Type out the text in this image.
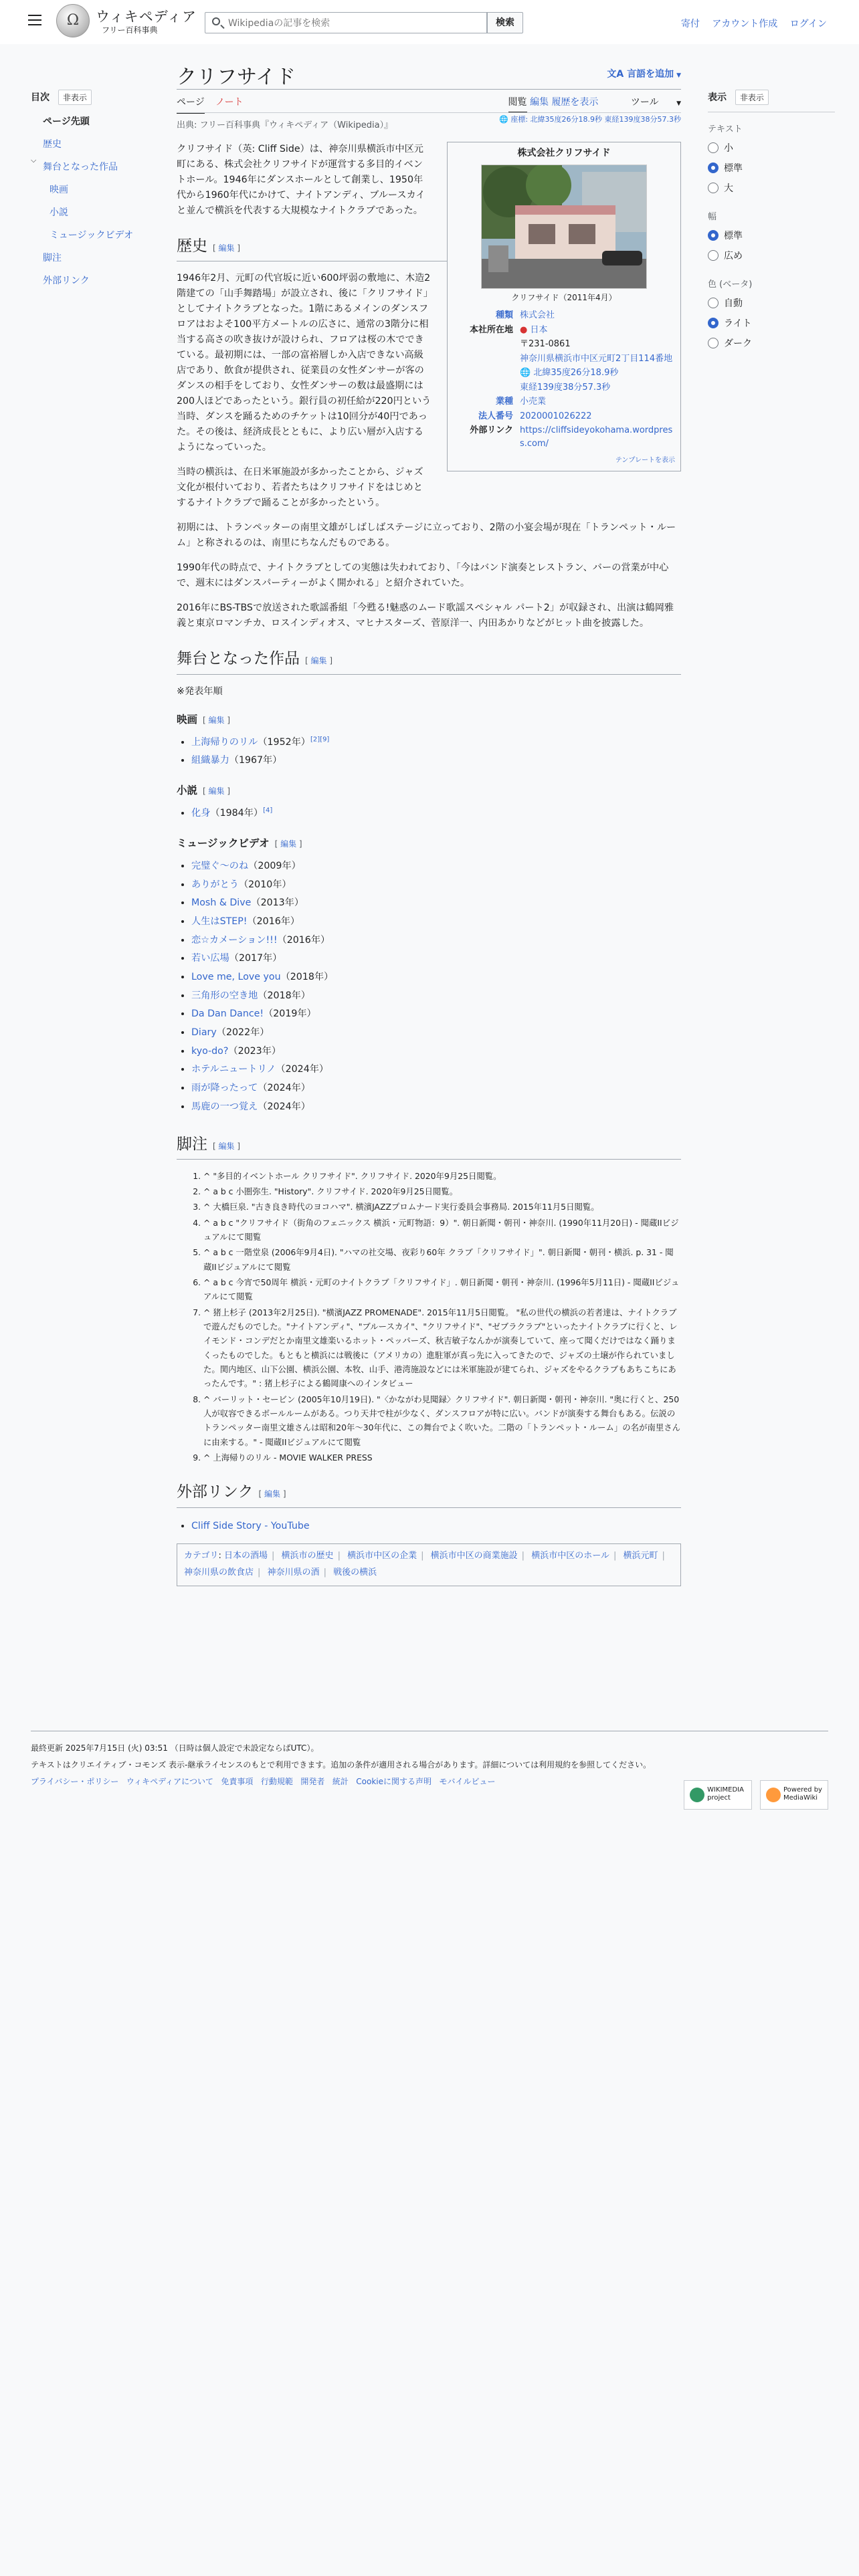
Ω	ウィキペディア
フリー百科事典
Wikipediaの記事を検索
検索	寄付 アカウント作成 ログイン
目次 非表示
ページ先頭
歴史
⌵
舞台となった作品
映画
小説
ミュージックビデオ
脚注
外部リンク
クリフサイド	文A 言語を追加 ▼
ページ ノート	閲覧 編集 履歴を表示	ツール	▼
🌐 座標: 北緯35度26分18.9秒 東経139度38分57.3秒
出典: フリー百科事典『ウィキペディア（Wikipedia）』
株式会社クリフサイド
クリフサイド（2011年4月）
種類 株式会社
本社所在地 ● 日本
〒231-0861
神奈川県横浜市中区元町2丁目114番地
🌐 北緯35度26分18.9秒
東経139度38分57.3秒
業種 小売業
法人番号 2020001026222
外部リンク https://cliffsideyokohama.wordpress.com/
テンプレートを表示

クリフサイド（英: Cliff Side）は、神奈川県横浜市中区元町にある、株式会社クリフサイドが運営する多目的イベントホール。1946年にダンスホールとして創業し、1950年代から1960年代にかけて、ナイトアンディ、ブルースカイと並んで横浜を代表する大規模なナイトクラブであった。

歴史 [ 編集 ]

1946年2月、元町の代官坂に近い600坪弱の敷地に、木造2階建ての「山手舞踏場」が設立され、後に「クリフサイド」としてナイトクラブとなった。1階にあるメインのダンスフロアはおよそ100平方メートルの広さに、通常の3階分に相当する高さの吹き抜けが設けられ、フロアは桜の木でできている。最初期には、一部の富裕層しか入店できない高級店であり、飲食が提供され、従業員の女性ダンサーが客のダンスの相手をしており、女性ダンサーの数は最盛期には200人ほどであったという。銀行員の初任給が220円という当時、ダンスを踊るためのチケットは10回分が40円であった。その後は、経済成長とともに、より広い層が入店するようになっていった。

当時の横浜は、在日米軍施設が多かったことから、ジャズ文化が根付いており、若者たちはクリフサイドをはじめとするナイトクラブで踊ることが多かったという。

初期には、トランペッターの南里文雄がしばしばステージに立っており、2階の小宴会場が現在「トランペット・ルーム」と称されるのは、南里にちなんだものである。

1990年代の時点で、ナイトクラブとしての実態は失われており、「今はバンド演奏とレストラン、バーの営業が中心で、週末にはダンスパーティーがよく開かれる」と紹介されていた。

2016年にBS-TBSで放送された歌謡番組「今甦る!魅惑のムード歌謡スペシャル パート2」が収録され、出演は鶴岡雅義と東京ロマンチカ、ロスインディオス、マヒナスターズ、菅原洋一、内田あかりなどがヒット曲を披露した。

舞台となった作品 [ 編集 ]

※発表年順

映画 [ 編集 ]
• 上海帰りのリル（1952年）[2][9]
• 組織暴力（1967年）
小説 [ 編集 ]
• 化身（1984年）[4]
ミュージックビデオ [ 編集 ]
• 完璧ぐ〜のね（2009年）
• ありがとう（2010年）
• Mosh & Dive（2013年）
• 人生はSTEP!（2016年）
• 恋☆カメーション!!!（2016年）
• 若い広場（2017年）
• Love me, Love you（2018年）
• 三角形の空き地（2018年）
• Da Dan Dance!（2019年）
• Diary（2022年）
• kyo-do?（2023年）
• ホテルニュートリノ（2024年）
• 雨が降ったって（2024年）
• 馬鹿の一つ覚え（2024年）
脚注 [ 編集 ]
1. ^ "多目的イベントホール クリフサイド". クリフサイド. 2020年9月25日閲覧。
2. ^ a b c 小圏弥生. "History". クリフサイド. 2020年9月25日閲覧。
3. ^ 大橋巨泉. "古き良き時代のヨコハマ". 横濱JAZZプロムナード実行委員会事務局. 2015年11月5日閲覧。
4. ^ a b c "クリフサイド（街角のフェニックス 横浜・元町物語：9）". 朝日新聞・朝刊・神奈川. (1990年11月20日) - 聞蔵IIビジュアルにて閲覧
5. ^ a b c 一階堂泉 (2006年9月4日). "ハマの社交場、夜彩り60年 クラブ「クリフサイド」". 朝日新聞・朝刊・横浜. p. 31 - 聞蔵IIビジュアルにて閲覧
6. ^ a b c 今宵で50周年 横浜・元町のナイトクラブ「クリフサイド」. 朝日新聞・朝刊・神奈川. (1996年5月11日) - 聞蔵IIビジュアルにて閲覧
7. ^ 猪上杉子 (2013年2月25日). "横濱JAZZ PROMENADE". 2015年11月5日閲覧。 "私の世代の横浜の若者達は、ナイトクラブで遊んだものでした。"ナイトアンディ"、"ブルースカイ"、"クリフサイド"、"ゼブラクラブ"といったナイトクラブに行くと、レイモンド・コンデだとか南里文雄楽いるホット・ペッパーズ、秋吉敏子なんかが演奏していて、座って聞くだけではなく踊りまくったものでした。もともと横浜には戦後に（アメリカの）進駐軍が真っ先に入ってきたので、ジャズの土壌が作られていました。関内地区、山下公園、横浜公園、本牧、山手、港湾施設などには米軍施設が建てられ、ジャズをやるクラブもあちこちにあったんです。" : 猪上杉子による鶴岡康へのインタビュー
8. ^ バーリット・セービン (2005年10月19日). "〈かながわ見聞録〉クリフサイド". 朝日新聞・朝刊・神奈川. "奥に行くと、250人が収容できるボールルームがある。つり天井で柱が少なく、ダンスフロアが特に広い。バンドが演奏する舞台もある。伝説のトランペッター南里文雄さんは昭和20年〜30年代に、この舞台でよく吹いた。二階の「トランペット・ルーム」の名が南里さんに由来する。" - 聞蔵IIビジュアルにて閲覧
9. ^ 上海帰りのリル - MOVIE WALKER PRESS
外部リンク [ 編集 ]
• Cliff Side Story - YouTube
カテゴリ: 日本の酒場 | 横浜市の歴史 | 横浜市中区の企業 | 横浜市中区の商業施設 | 横浜市中区のホール | 横浜元町 | 神奈川県の飲食店 | 神奈川県の酒 | 戦後の横浜
表示 非表示
テキスト
小
標準
大
幅
標準
広め
色 (ベータ)
自動
ライト
ダーク

最終更新 2025年7月15日 (火) 03:51 （日時は個人設定で未設定ならばUTC）。

テキストはクリエイティブ・コモンズ 表示-継承ライセンスのもとで利用できます。追加の条件が適用される場合があります。詳細については利用規約を参照してください。

プライバシー・ポリシー ウィキペディアについて 免責事項 行動規範 開発者 統計 Cookieに関する声明 モバイルビュー

WIKIMEDIA project
Powered by MediaWiki
